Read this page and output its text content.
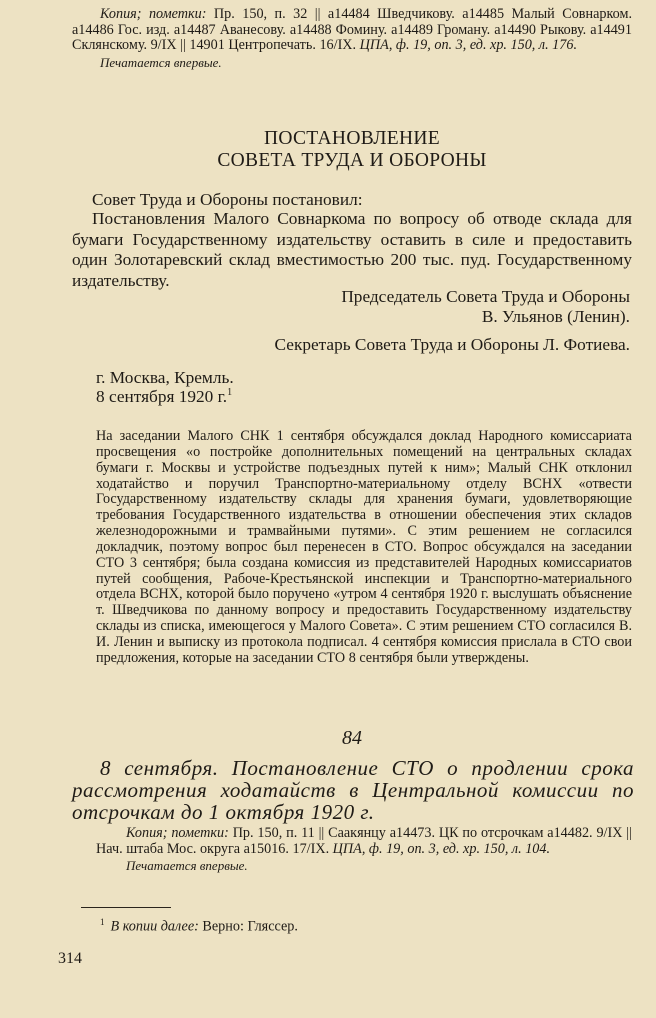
Копия; пометки: Пр. 150, п. 32 || а14484 Шведчикову. а14485 Малый Совнарком. а14486 Гос. изд. а14487 Аванесову. а14488 Фомину. а14489 Громану. а14490 Рыкову. а14491 Склянскому. 9/IX || 14901 Центропечать. 16/IX. ЦПА, ф. 19, оп. 3, ед. хр. 150, л. 176.
Печатается впервые.

ПОСТАНОВЛЕНИЕ
СОВЕТА ТРУДА И ОБОРОНЫ

Совет Труда и Обороны постановил:

Постановления Малого Совнаркома по вопросу об отводе склада для бумаги Государственному издательству оставить в силе и предоставить один Золотаревский склад вместимостью 200 тыс. пуд. Государственному издательству.

Председатель Совета Труда и Обороны
В. Ульянов (Ленин).
Секретарь Совета Труда и Обороны Л. Фотиева.
г. Москва, Кремль.
8 сентября 1920 г.$^1$

На заседании Малого СНК 1 сентября обсуждался доклад Народного комиссариата просвещения «о постройке дополнительных помещений на центральных складах бумаги г. Москвы и устройстве подъездных путей к ним»; Малый СНК отклонил ходатайство и поручил Транспортно-материальному отделу ВСНХ «отвести Государственному издательству склады для хранения бумаги, удовлетворяющие требования Государственного издательства в отношении обеспечения этих складов железнодорожными и трамвайными путями». С этим решением не согласился докладчик, поэтому вопрос был перенесен в СТО. Вопрос обсуждался на заседании СТО 3 сентября; была создана комиссия из представителей Народных комиссариатов путей сообщения, Рабоче-Крестьянской инспекции и Транспортно-материального отдела ВСНХ, которой было поручено «утром 4 сентября 1920 г. выслушать объяснение т. Шведчикова по данному вопросу и предоставить Государственному издательству склады из списка, имеющегося у Малого Совета». С этим решением СТО согласился В. И. Ленин и выписку из протокола подписал. 4 сентября комиссия прислала в СТО свои предложения, которые на заседании СТО 8 сентября были утверждены.

84

8 сентября. Постановление СТО о продлении срока рассмотрения ходатайств в Центральной комиссии по отсрочкам до 1 октября 1920 г.

Копия; пометки: Пр. 150, п. 11 || Саакянцу а14473. ЦК по отсрочкам а14482. 9/IX || Нач. штаба Мос. округа а15016. 17/IX. ЦПА, ф. 19, оп. 3, ед. хр. 150, л. 104.
Печатается впервые.

$^1$ В копии далее: Верно: Гляссер.
314
